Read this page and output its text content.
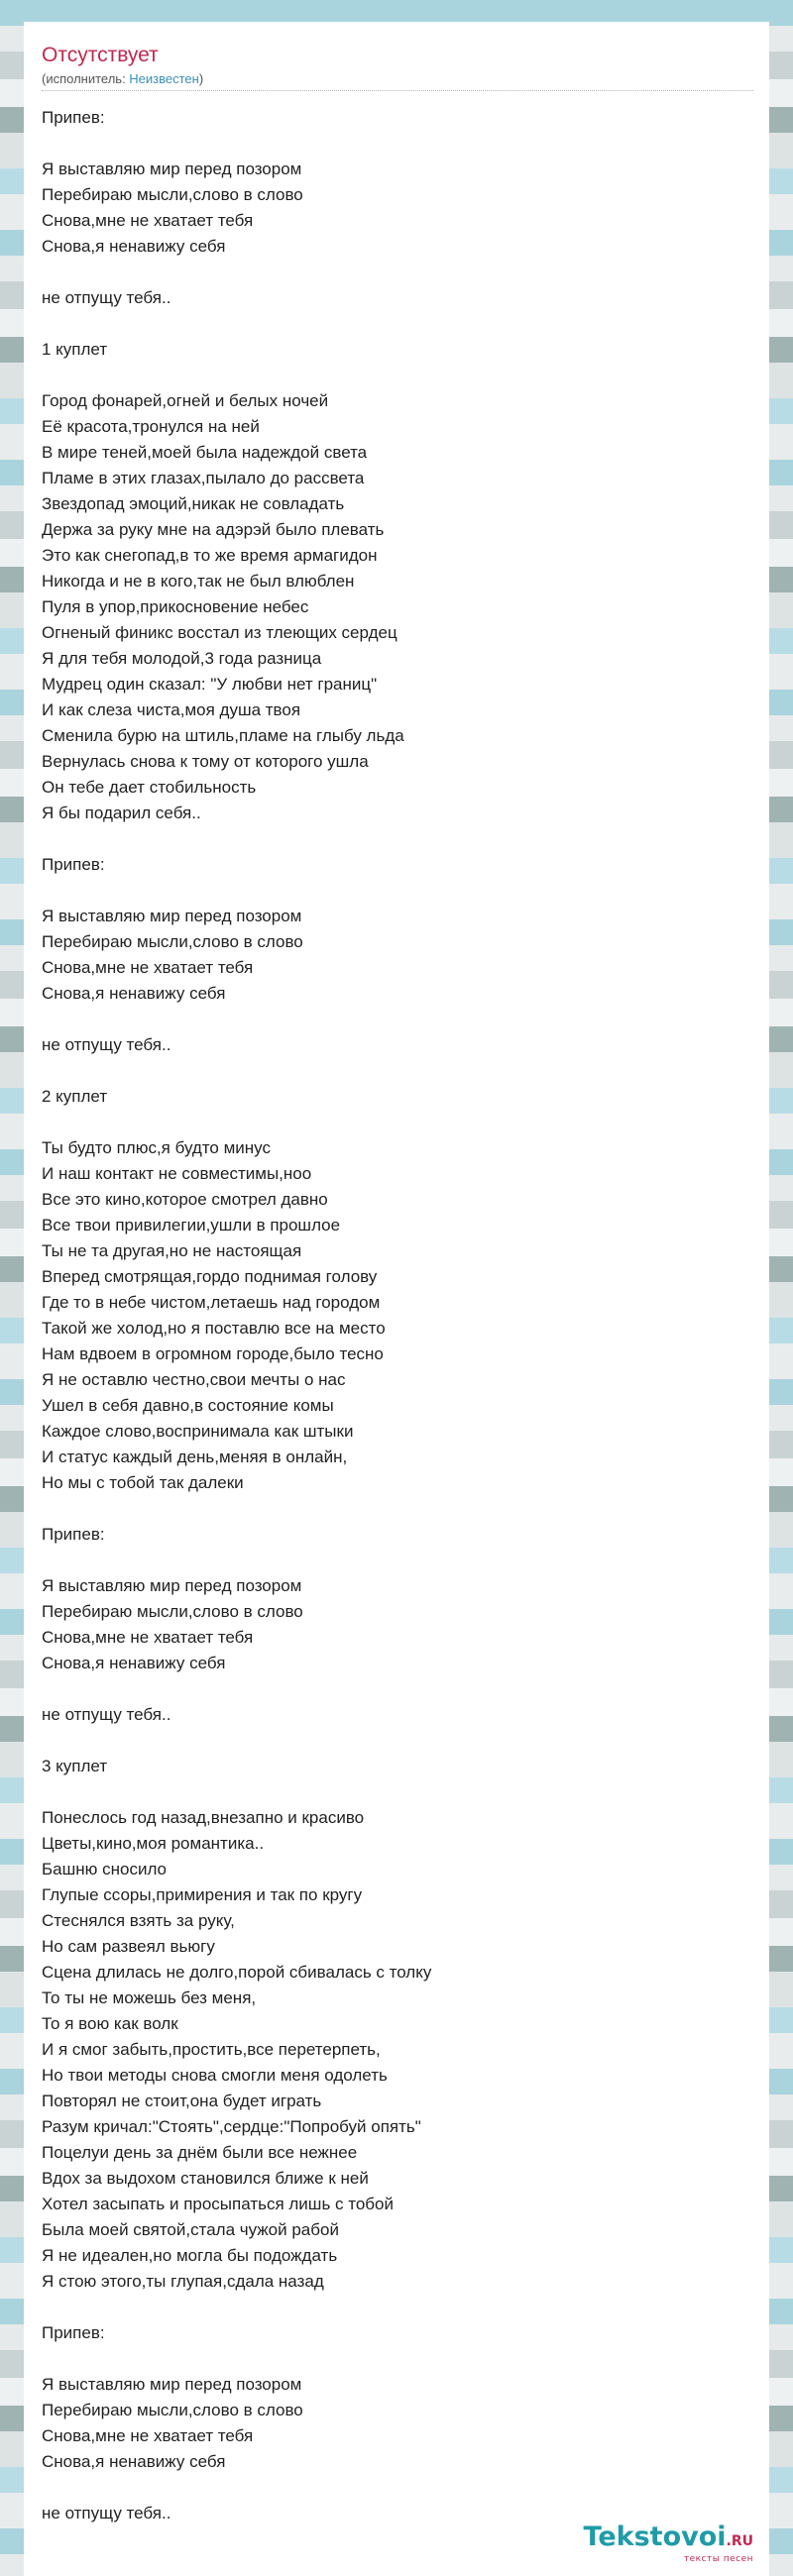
Отсутствует
(исполнитель: Неизвестен)
Припев:
Я выставляю мир перед позором
Перебираю мысли,слово в слово
Снова,мне не хватает тебя
Снова,я ненавижу себя
не отпущу тебя..
1 куплет
Город фонарей,огней и белых ночей
Её красота,тронулся на ней
В мире теней,моей была надеждой света
Пламе в этих глазах,пылало до рассвета
Звездопад эмоций,никак не совладать
Держа за руку мне на адэрэй было плевать
Это как снегопад,в то же время армагидон
Никогда и не в кого,так не был влюблен
Пуля в упор,прикосновение небес
Огненый финикс восстал из тлеющих сердец
Я для тебя молодой,3 года разница
Мудрец один сказал: "У любви нет границ"
И как слеза чиста,моя душа твоя
Сменила бурю на штиль,пламе на глыбу льда
Вернулась снова к тому от которого ушла
Он тебе дает стобильность
Я бы подарил себя..
Припев:
Я выставляю мир перед позором
Перебираю мысли,слово в слово
Снова,мне не хватает тебя
Снова,я ненавижу себя
не отпущу тебя..
2 куплет
Ты будто плюс,я будто минус
И наш контакт не совместимы,ноо
Все это кино,которое смотрел давно
Все твои привилегии,ушли в прошлое
Ты не та другая,но не настоящая
Вперед смотрящая,гордо поднимая голову
Где то в небе чистом,летаешь над городом
Такой же холод,но я поставлю все на место
Нам вдвоем в огромном городе,было тесно
Я не оставлю честно,свои мечты о нас
Ушел в себя давно,в состояние комы
Каждое слово,воспринимала как штыки
И статус каждый день,меняя в онлайн,
Но мы с тобой так далеки
Припев:
Я выставляю мир перед позором
Перебираю мысли,слово в слово
Снова,мне не хватает тебя
Снова,я ненавижу себя
не отпущу тебя..
3 куплет
Понеслось год назад,внезапно и красиво
Цветы,кино,моя романтика..
Башню сносило
Глупые ссоры,примирения и так по кругу
Стеснялся взять за руку,
Но сам развеял вьюгу
Сцена длилась не долго,порой сбивалась с толку
То ты не можешь без меня,
То я вою как волк
И я смог забыть,простить,все перетерпеть,
Но твои методы снова смогли меня одолеть
Повторял не стоит,она будет играть
Разум кричал:"Стоять",сердце:"Попробуй опять"
Поцелуи день за днём были все нежнее
Вдох за выдохом становился ближе к ней
Хотел засыпать и просыпаться лишь с тобой
Была моей святой,стала чужой рабой
Я не идеален,но могла бы подождать
Я стою этого,ты глупая,сдала назад
Припев:
Я выставляю мир перед позором
Перебираю мысли,слово в слово
Снова,мне не хватает тебя
Снова,я ненавижу себя
не отпущу тебя..
Tekstovoi.RU
тексты песен
